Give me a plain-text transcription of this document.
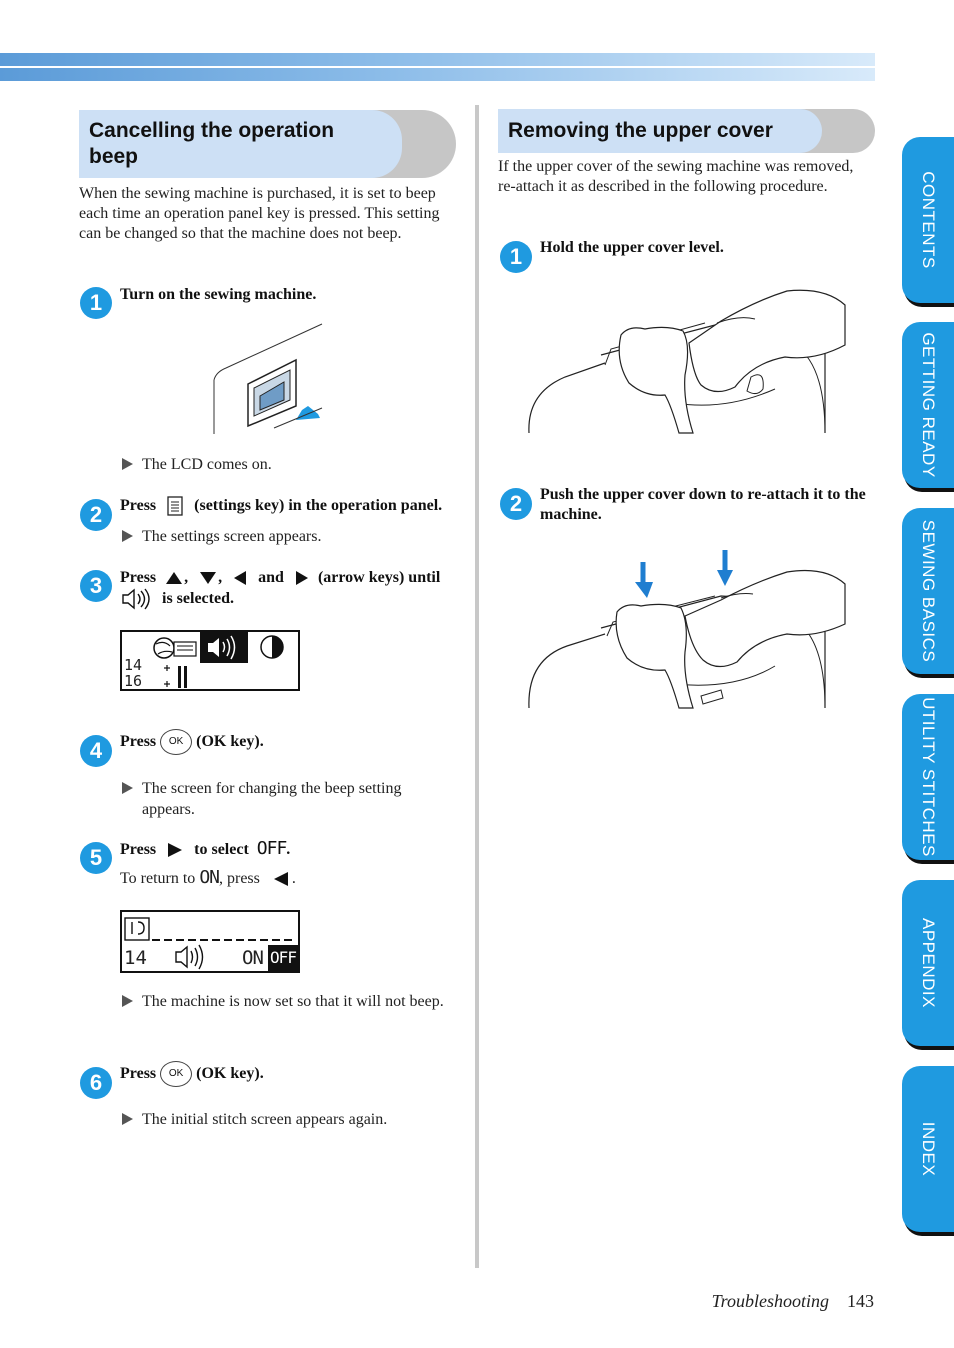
Cancelling the operation
beep
When the sewing machine is purchased, it is set to beep each time an operation panel key is pressed. This setting can be changed so that the machine does not beep.
1	Turn on the sewing machine.
The LCD comes on.
2	Press (settings key) in the operation panel.
The settings screen appears.
3	Press , , and (arrow keys) until
is selected.
14
16
4	Press OK (OK key).
The screen for changing the beep setting appears.
5	Press to select OFF.
To return to ON, press .
14	ON OFF
The machine is now set so that it will not beep.
6	Press OK (OK key).
The initial stitch screen appears again.
Removing the upper cover
If the upper cover of the sewing machine was removed, re-attach it as described in the following procedure.
1	Hold the upper cover level.
2	Push the upper cover down to re-attach it to the machine.
CONTENTS
GETTING READY
SEWING BASICS
UTILITY STITCHES
APPENDIX
INDEX
Troubleshooting 143
